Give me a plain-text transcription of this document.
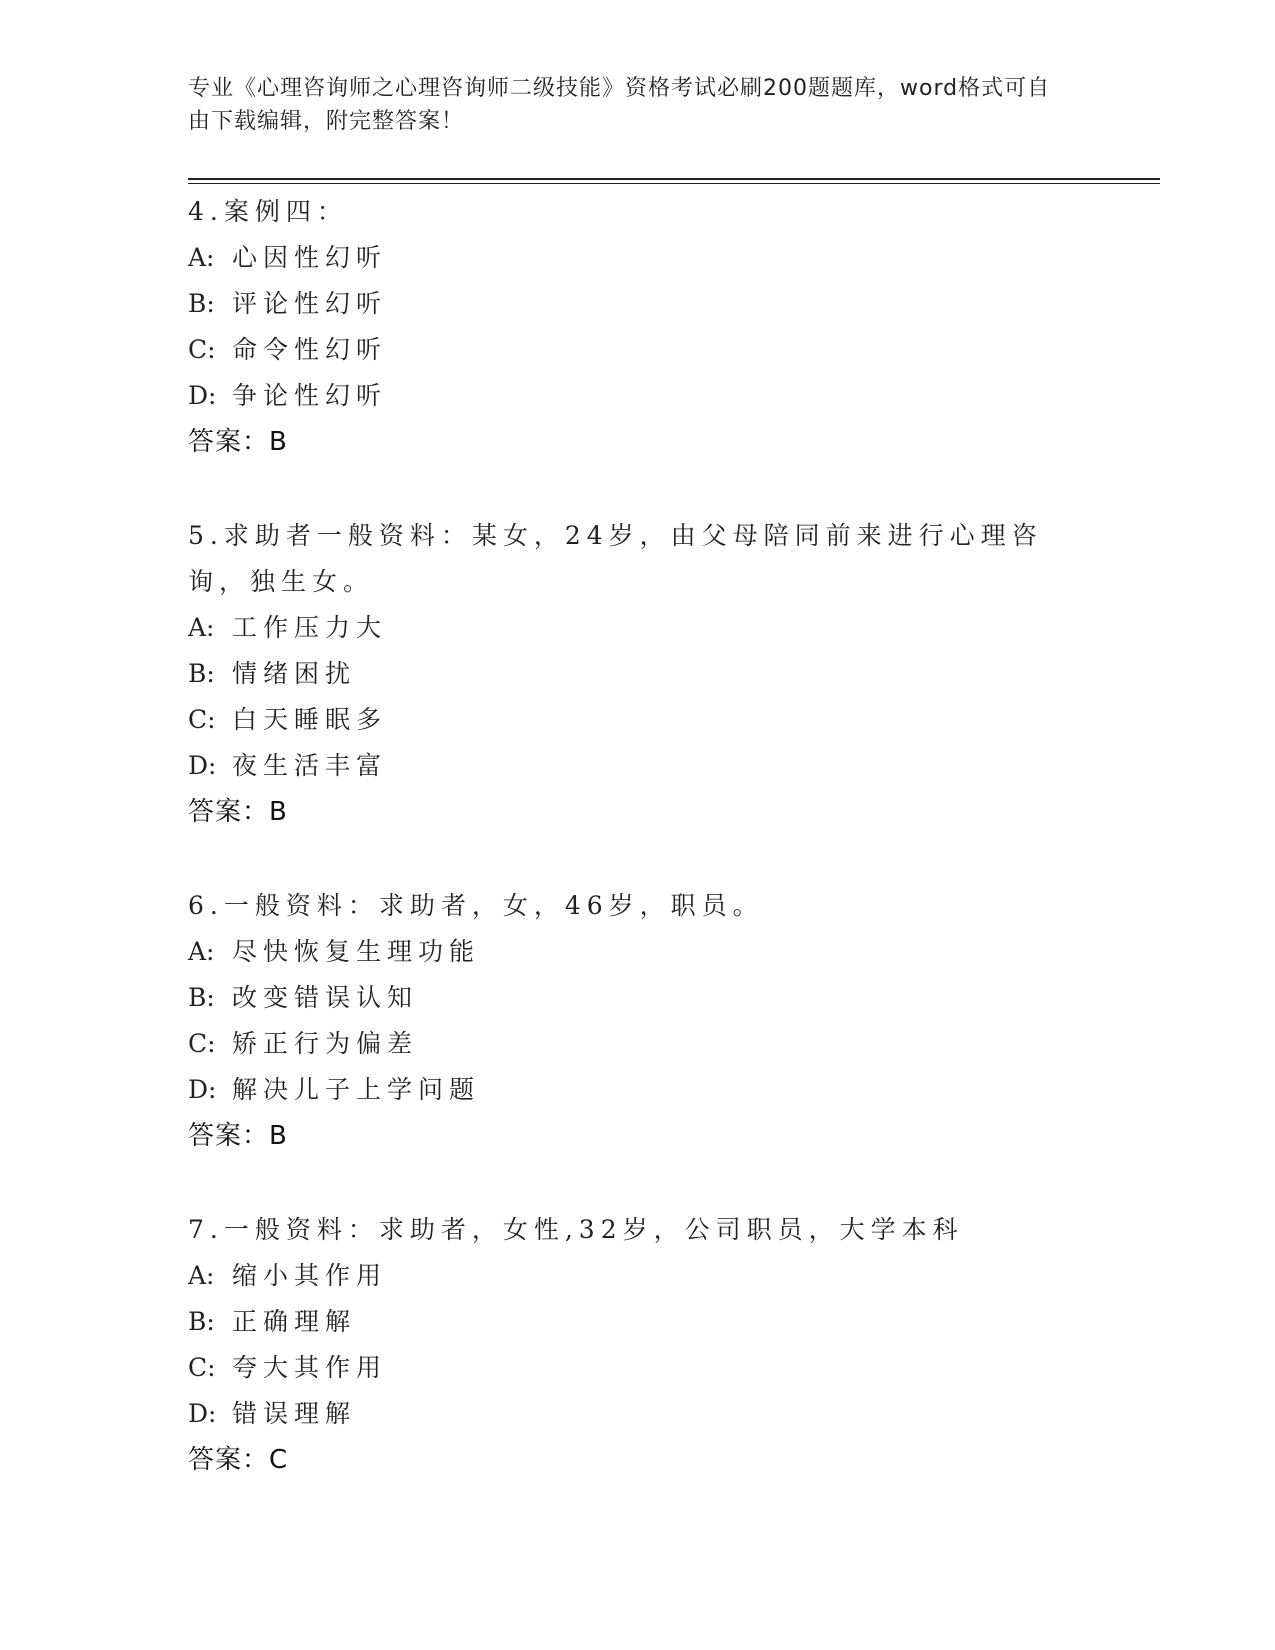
专业《心理咨询师之心理咨询师二级技能》资格考试必刷200题题库，word格式可自由下载编辑，附完整答案！
4.案例四：
A: 心因性幻听
B: 评论性幻听
C: 命令性幻听
D: 争论性幻听
答案：B
5.求助者一般资料：某女，24岁，由父母陪同前来进行心理咨询，独生女。
A: 工作压力大
B: 情绪困扰
C: 白天睡眠多
D: 夜生活丰富
答案：B
6.一般资料：求助者，女，46岁，职员。
A: 尽快恢复生理功能
B: 改变错误认知
C: 矫正行为偏差
D: 解决儿子上学问题
答案：B
7.一般资料：求助者，女性,32岁，公司职员，大学本科
A: 缩小其作用
B: 正确理解
C: 夸大其作用
D: 错误理解
答案：C
